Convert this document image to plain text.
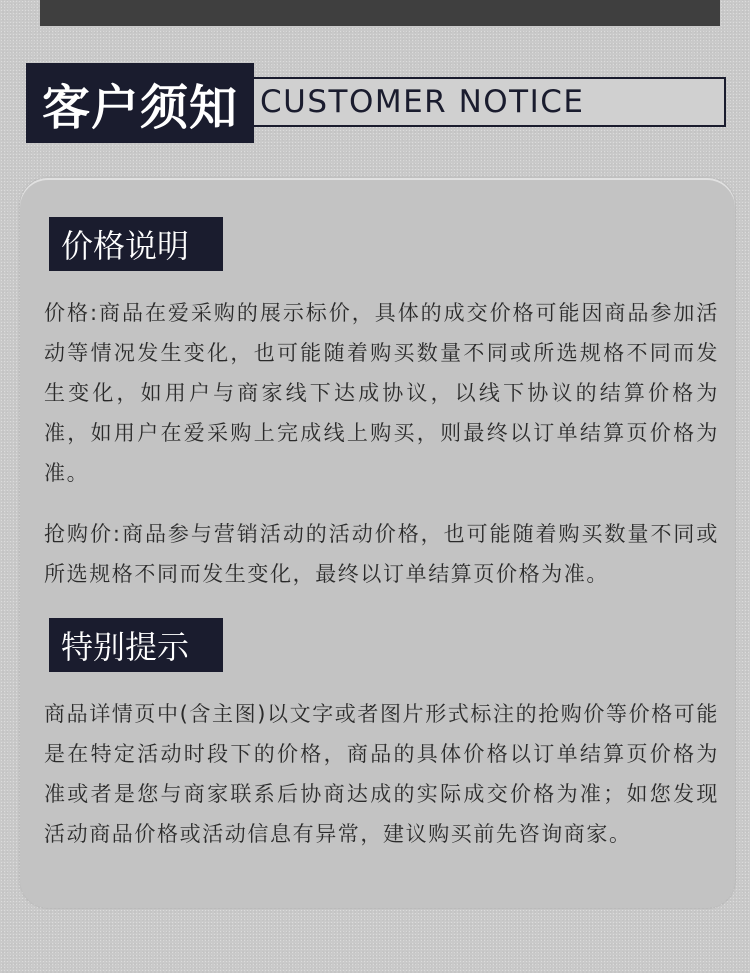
客户须知 CUSTOMER NOTICE
价格说明

价格:商品在爱采购的展示标价，具体的成交价格可能因商品参加活动等情况发生变化，也可能随着购买数量不同或所选规格不同而发生变化，如用户与商家线下达成协议，以线下协议的结算价格为准，如用户在爱采购上完成线上购买，则最终以订单结算页价格为准。

抢购价:商品参与营销活动的活动价格，也可能随着购买数量不同或所选规格不同而发生变化，最终以订单结算页价格为准。

特别提示

商品详情页中(含主图)以文字或者图片形式标注的抢购价等价格可能是在特定活动时段下的价格，商品的具体价格以订单结算页价格为准或者是您与商家联系后协商达成的实际成交价格为准；如您发现活动商品价格或活动信息有异常，建议购买前先咨询商家。
